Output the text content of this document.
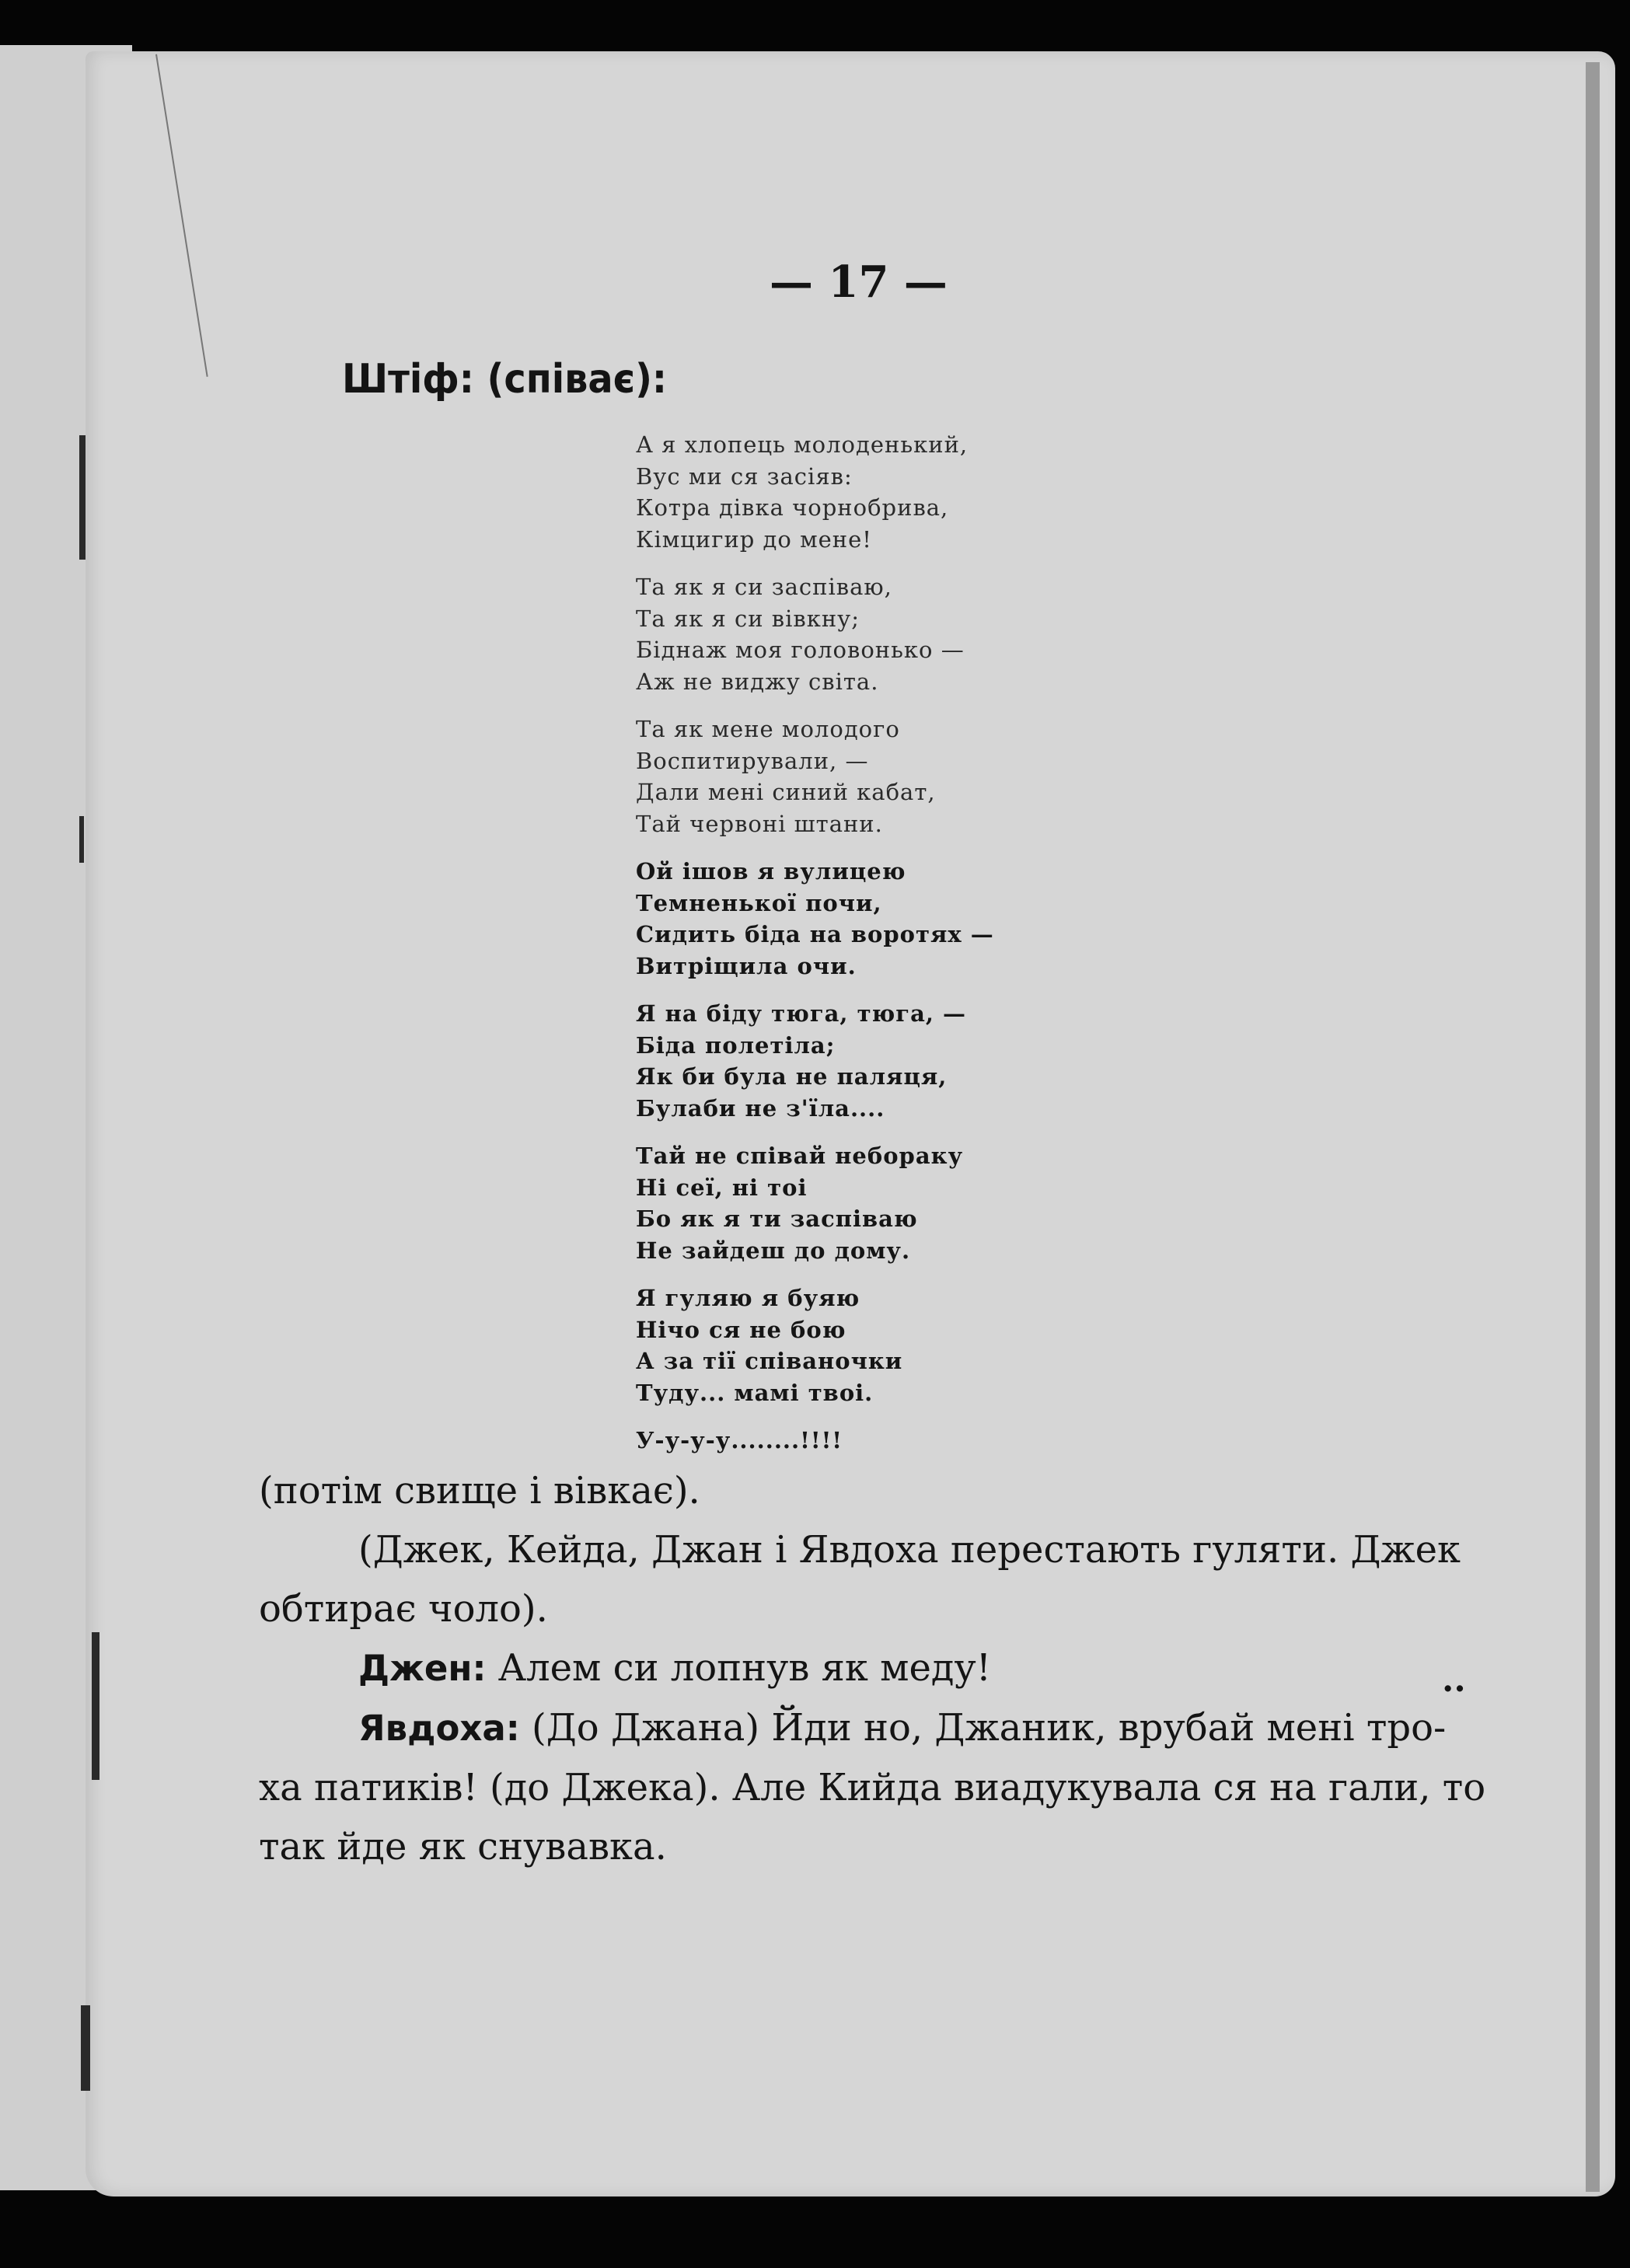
— 17 —
Штіф: (співає):
А я хлопець молоденький,
Вус ми ся засіяв:
Котра дівка чорнобрива,
Кімцигир до мене!
Та як я си заспіваю,
Та як я си вівкну;
Біднаж моя головонько —
Аж не виджу світа.
Та як мене молодого
Воспитирували, —
Дали мені синий кабат,
Тай червоні штани.
Ой ішов я вулицею
Темненької почи,
Сидить біда на воротях —
Витріщила очи.
Я на біду тюга, тюга, —
Біда полетіла;
Як би була не паляця,
Булаби не з'їла....
Тай не співай небораку
Ні сеї, ні тоі
Бо як я ти заспіваю
Не зайдеш до дому.
Я гуляю я буяю
Нічо ся не бою
А за тії співаночки
Туду... мамі твоі.
У-у-у-у........!!!!

(потім свище і вівкає).

(Джек, Кейда, Джан і Явдоха перестають гуляти. Джек обтирає чоло).

Джен: Алем си лопнув як меду!

Явдоха: (До Джана) Йди но, Джаник, врубай мені тро-ха патиків! (до Джека). Але Кийда виадукувала ся на гали, то так йде як снувавка.

..
